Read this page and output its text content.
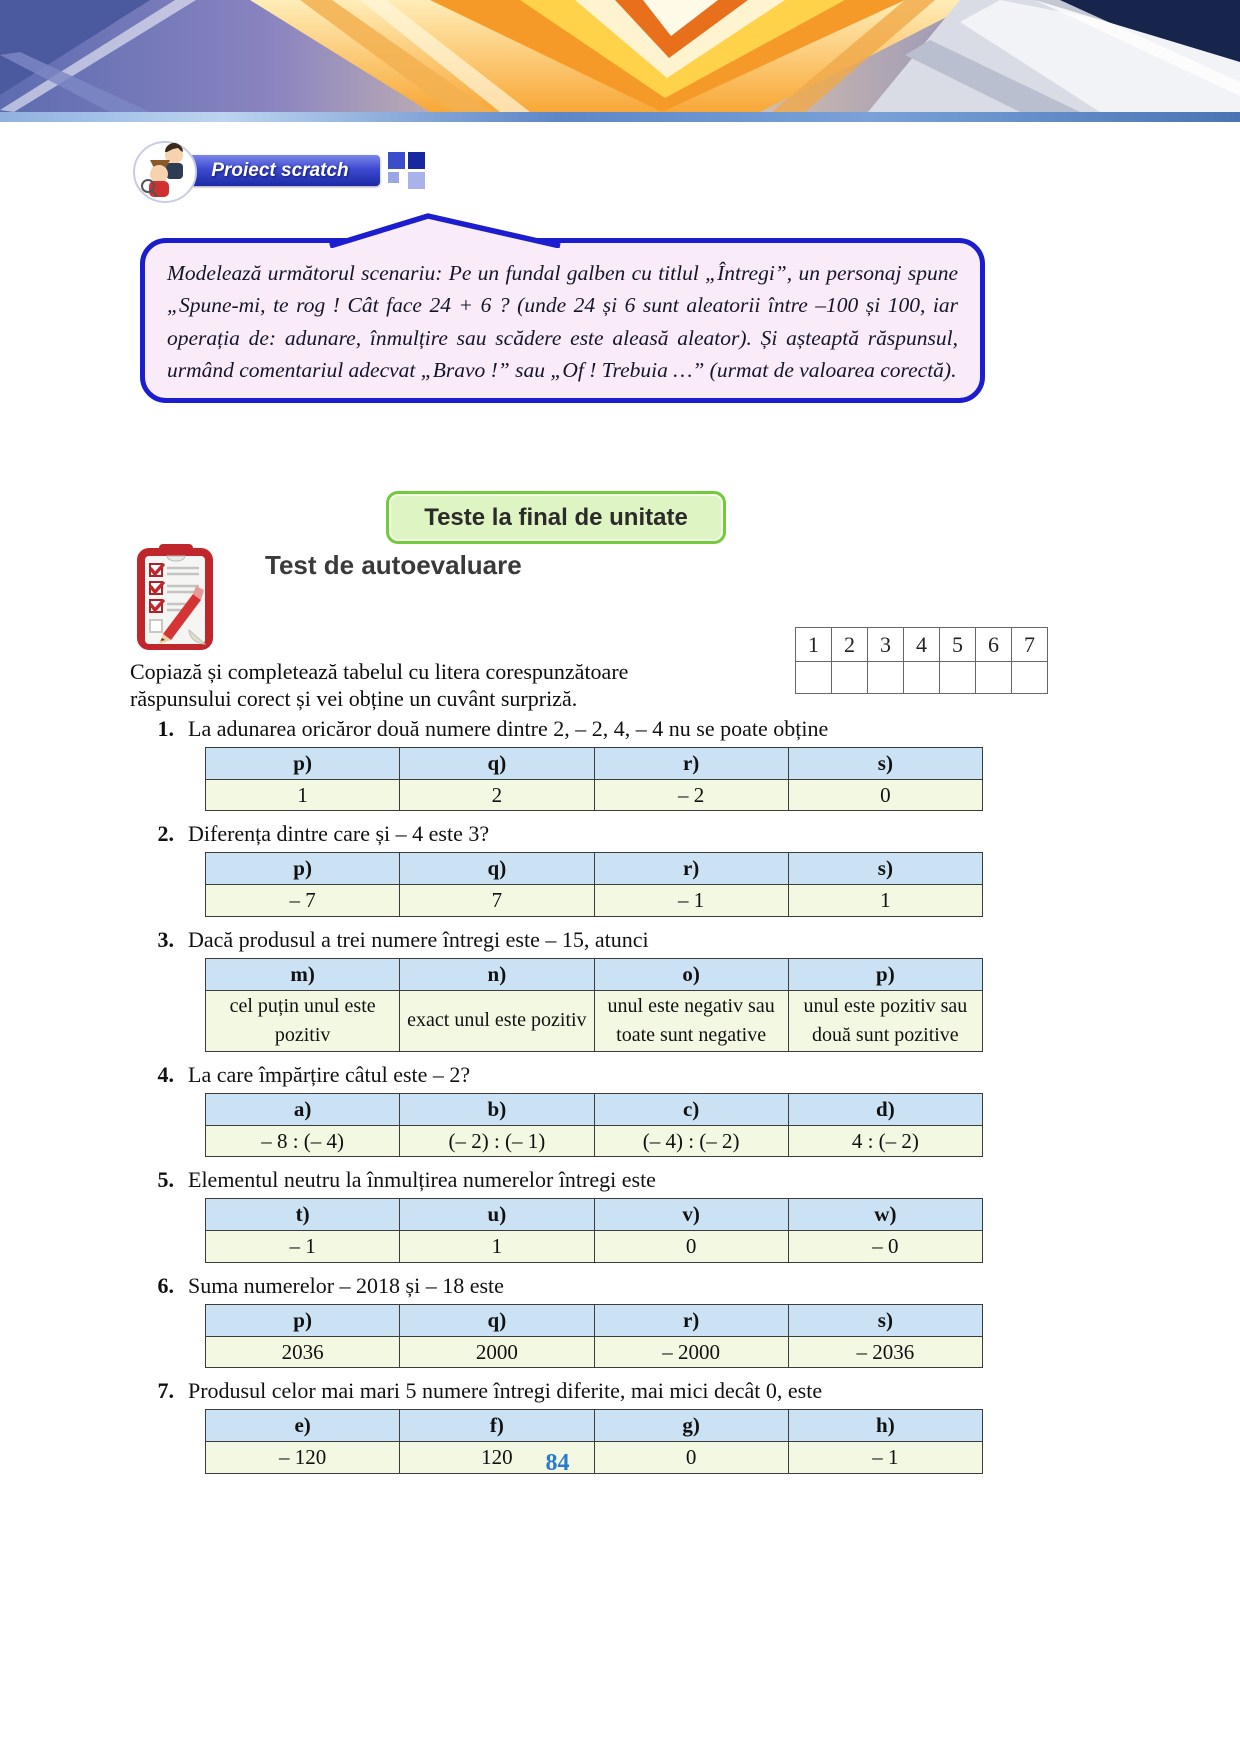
Proiect scratch

Modelează următorul scenariu: Pe un fundal galben cu titlul „Întregi”, un personaj spune „Spune-mi, te rog ! Cât face 24 + 6 ? (unde 24 și 6 sunt aleatorii între –100 și 100, iar operația de: adunare, înmulțire sau scădere este aleasă aleator). Și așteaptă răspunsul, urmând comentariul adecvat „Bravo !” sau „Of ! Trebuia …” (urmat de valoarea corectă).

Teste la final de unitate
Test de autoevaluare
1	2	3	4	5	6	7

Copiază și completează tabelul cu litera corespunzătoare răspunsului corect și vei obține un cuvânt surpriză.
1. La adunarea oricăror două numere dintre 2, – 2, 4, – 4 nu se poate obține
p)	q)	r)	s)
1	2	– 2	0
2. Diferența dintre care și – 4 este 3?
p)	q)	r)	s)
– 7	7	– 1	1
3. Dacă produsul a trei numere întregi este – 15, atunci
m)	n)	o)	p)
cel puțin unul este pozitiv	exact unul este pozitiv	unul este negativ sau toate sunt negative	unul este pozitiv sau două sunt pozitive
4. La care împărțire câtul este – 2?
a)	b)	c)	d)
– 8 : (– 4)	(– 2) : (– 1)	(– 4) : (– 2)	4 : (– 2)
5. Elementul neutru la înmulțirea numerelor întregi este
t)	u)	v)	w)
– 1	1	0	– 0
6. Suma numerelor – 2018 și – 18 este
p)	q)	r)	s)
2036	2000	– 2000	– 2036
7. Produsul celor mai mari 5 numere întregi diferite, mai mici decât 0, este
e)	f)	g)	h)
– 120	120	0	– 1
84
